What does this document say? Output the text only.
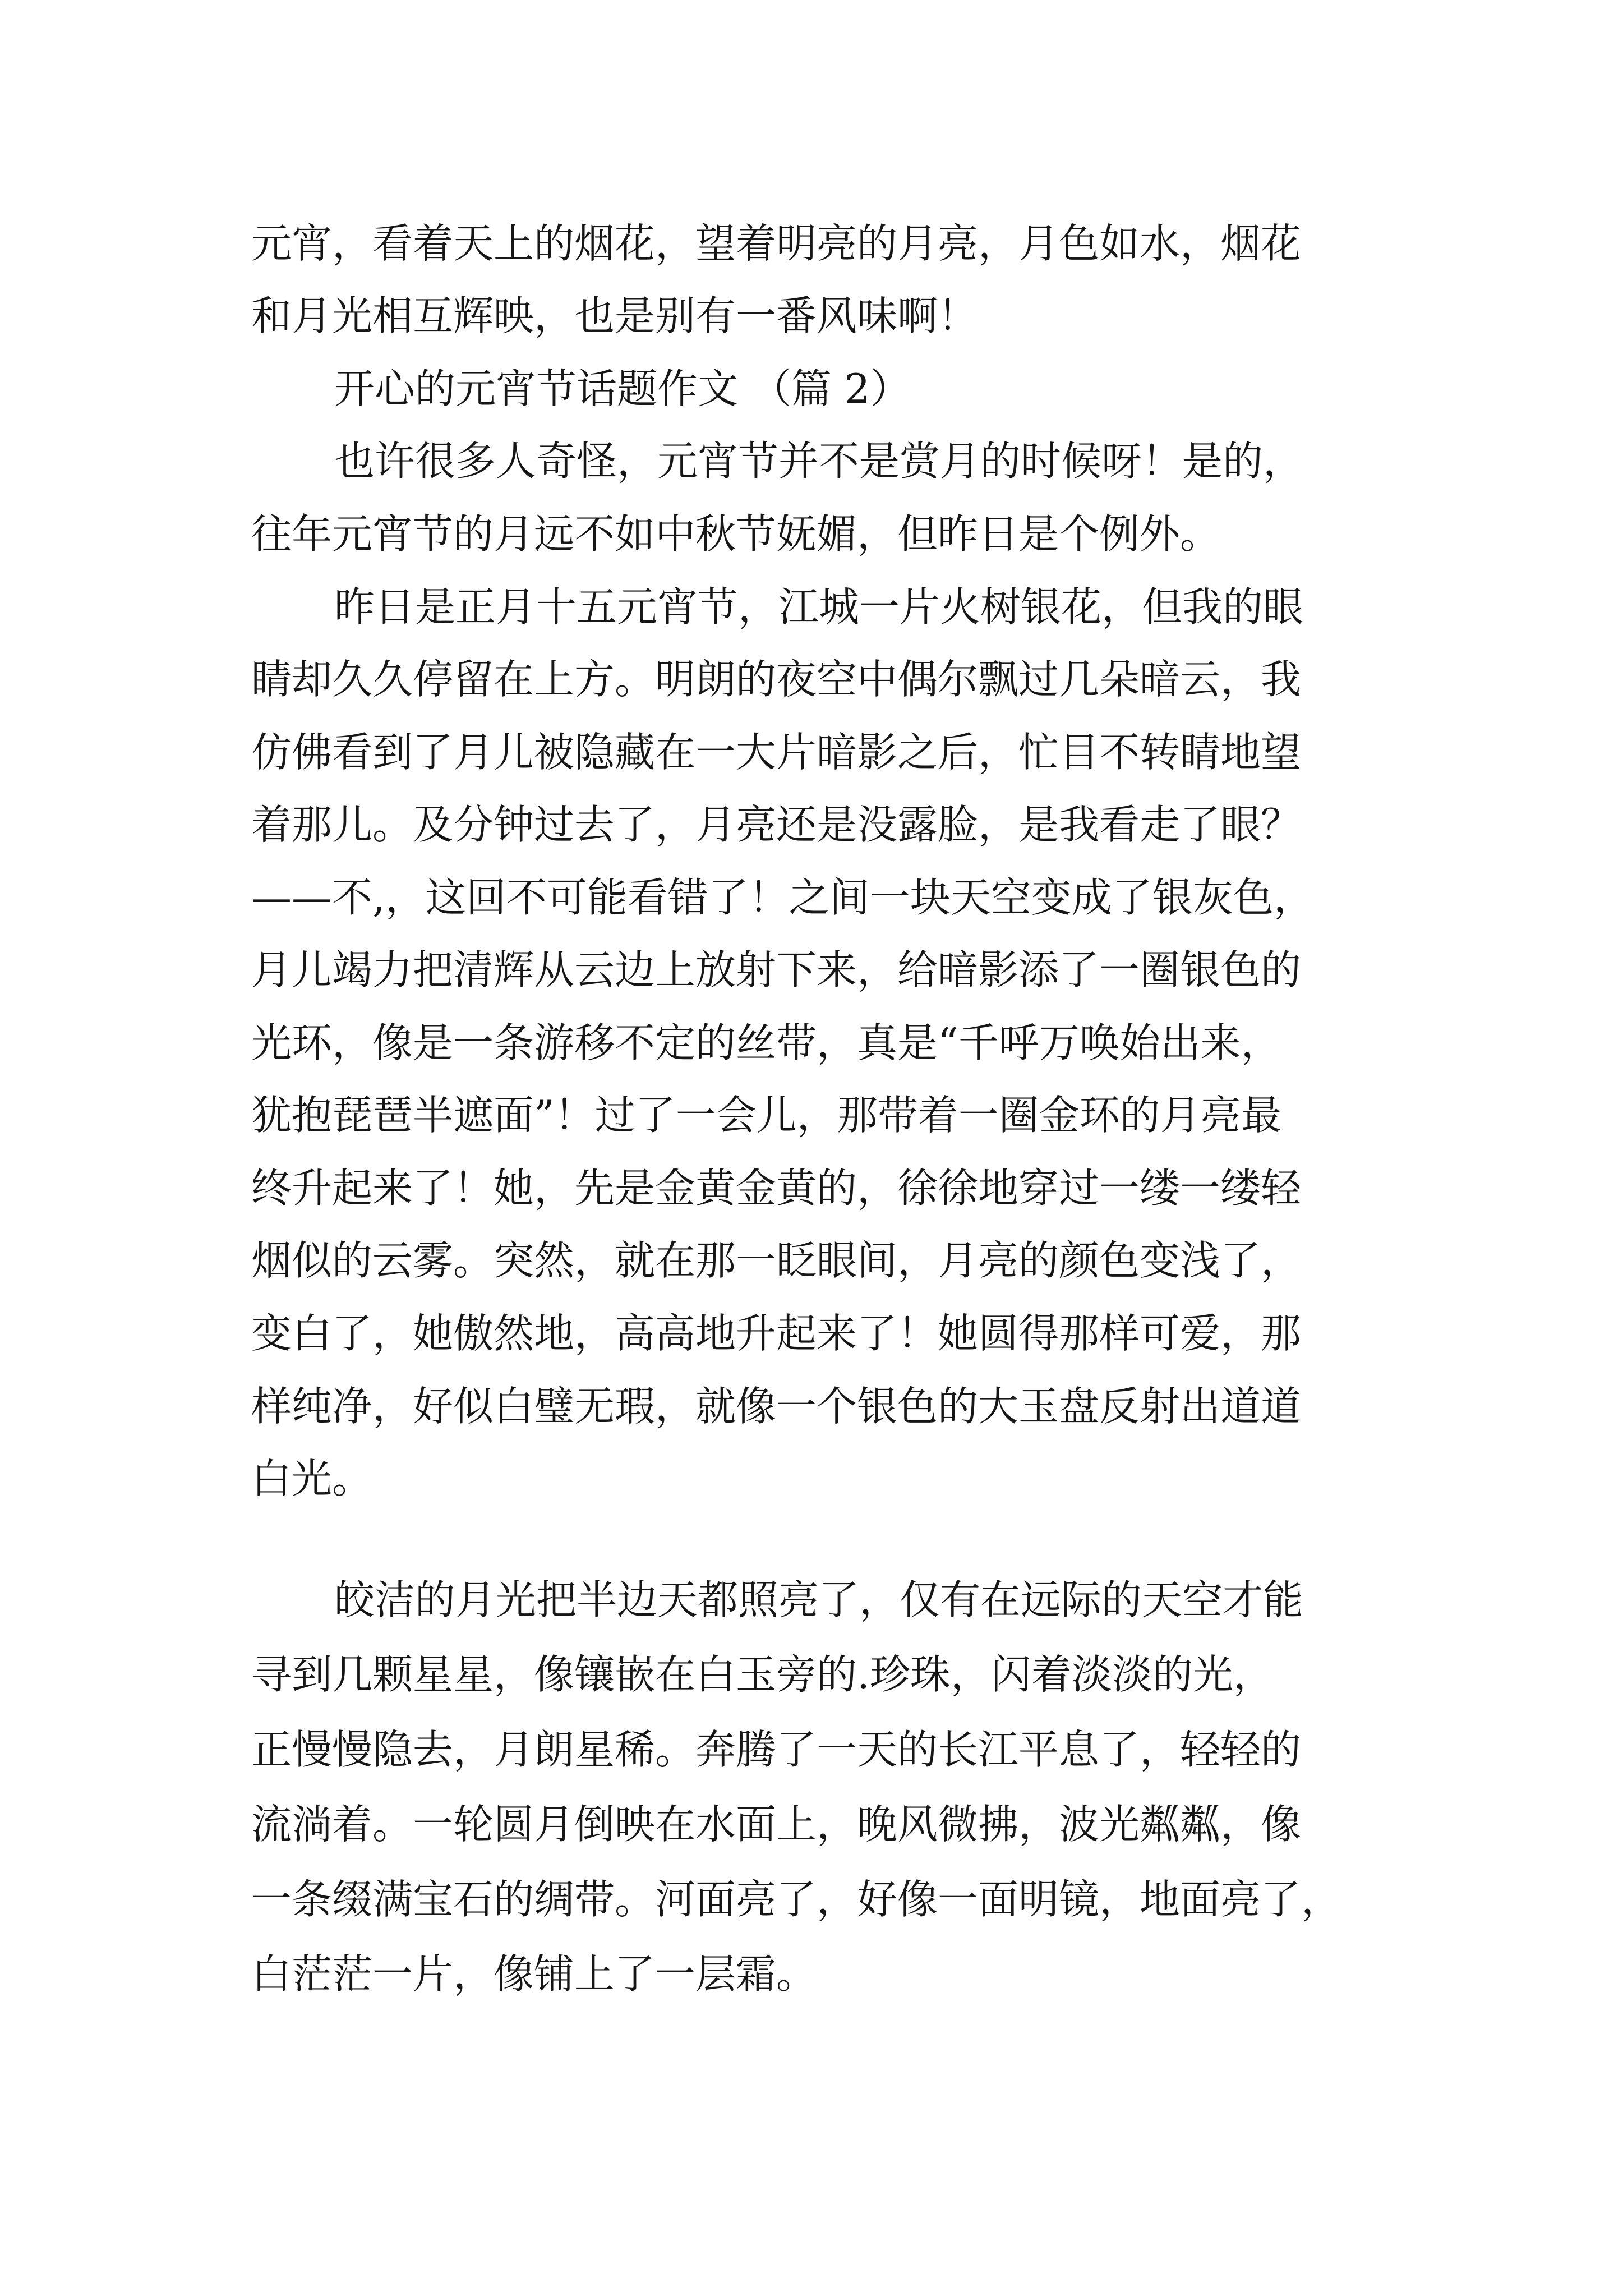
元宵，看着天上的烟花，望着明亮的月亮，月色如水，烟花

和月光相互辉映，也是别有一番风味啊！

开心的元宵节话题作文 （篇 2）

也许很多人奇怪，元宵节并不是赏月的时候呀！是的，

往年元宵节的月远不如中秋节妩媚，但昨日是个例外。

昨日是正月十五元宵节，江城一片火树银花，但我的眼

睛却久久停留在上方。明朗的夜空中偶尔飘过几朵暗云，我

仿佛看到了月儿被隐藏在一大片暗影之后，忙目不转睛地望

着那儿。及分钟过去了，月亮还是没露脸，是我看走了眼？

——不,，这回不可能看错了！之间一块天空变成了银灰色，

月儿竭力把清辉从云边上放射下来，给暗影添了一圈银色的

光环，像是一条游移不定的丝带，真是“千呼万唤始出来，

犹抱琵琶半遮面”！过了一会儿，那带着一圈金环的月亮最

终升起来了！她，先是金黄金黄的，徐徐地穿过一缕一缕轻

烟似的云雾。突然，就在那一眨眼间，月亮的颜色变浅了，

变白了，她傲然地，高高地升起来了！她圆得那样可爱，那

样纯净，好似白璧无瑕，就像一个银色的大玉盘反射出道道

白光。

皎洁的月光把半边天都照亮了，仅有在远际的天空才能

寻到几颗星星，像镶嵌在白玉旁的.珍珠，闪着淡淡的光，

正慢慢隐去，月朗星稀。奔腾了一天的长江平息了，轻轻的

流淌着。一轮圆月倒映在水面上，晚风微拂，波光粼粼，像

一条缀满宝石的绸带。河面亮了，好像一面明镜，地面亮了，

白茫茫一片，像铺上了一层霜。
